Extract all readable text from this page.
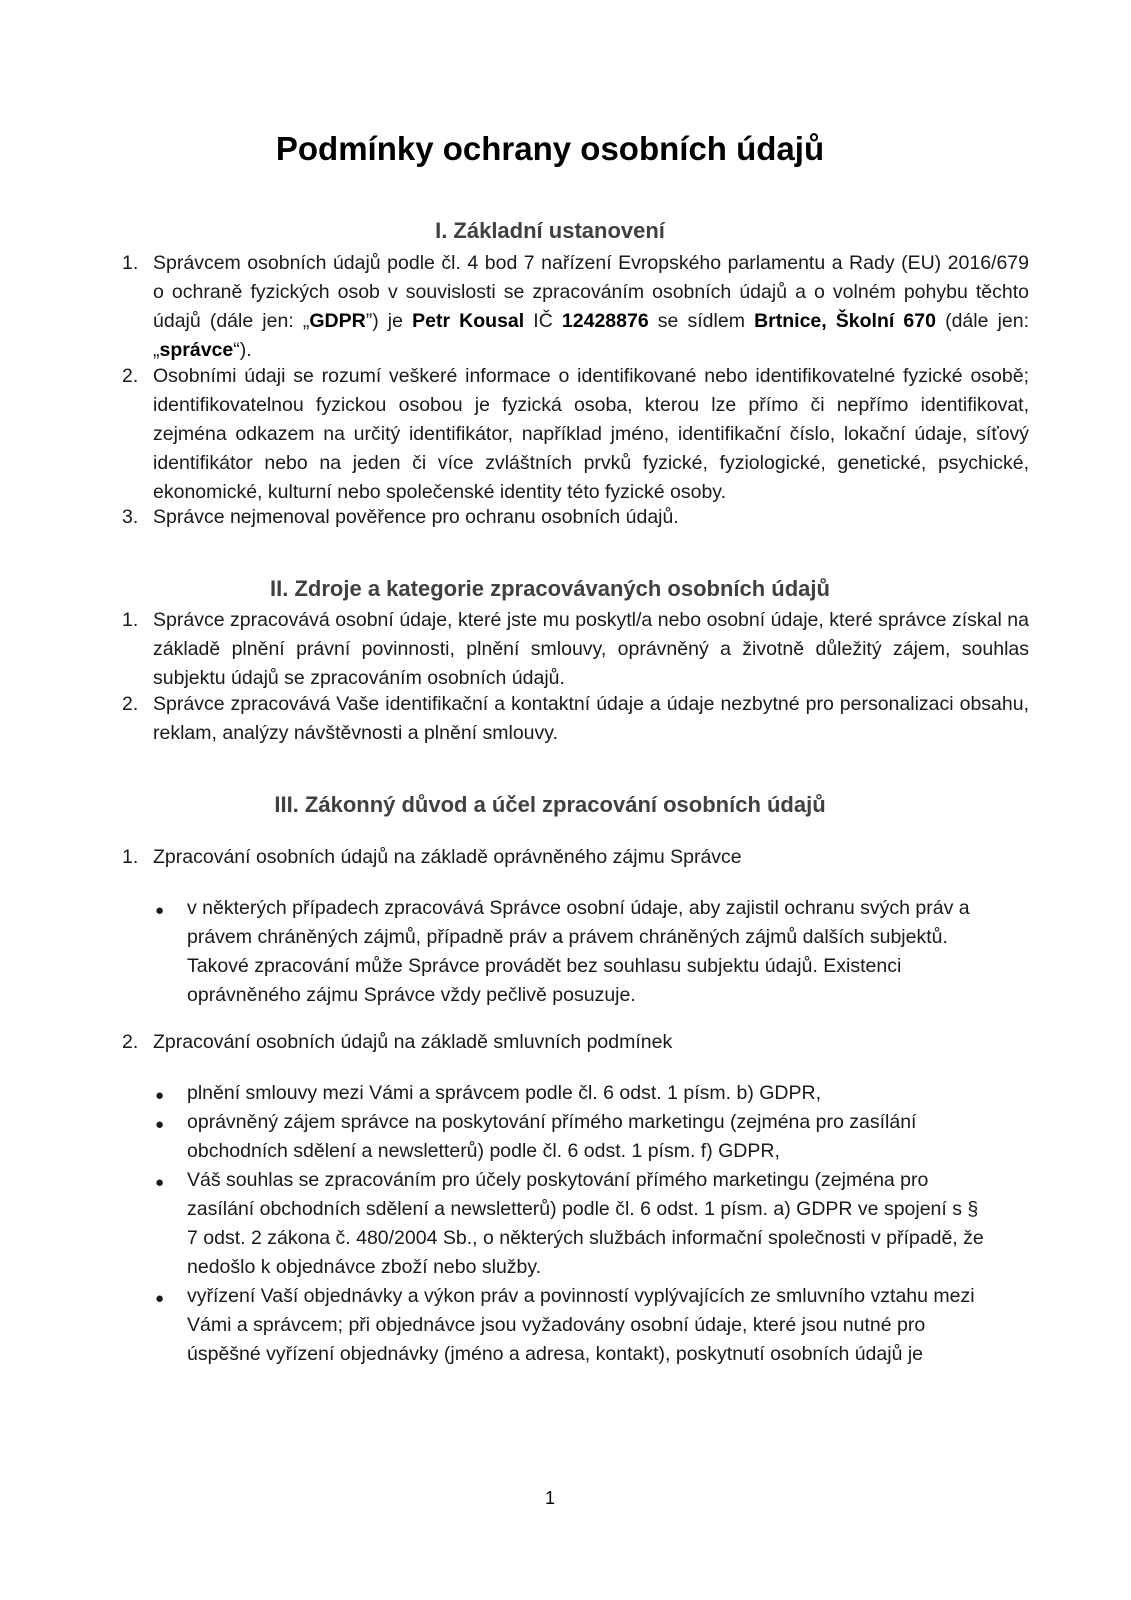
Podmínky ochrany osobních údajů
I. Základní ustanovení
1. Správcem osobních údajů podle čl. 4 bod 7 nařízení Evropského parlamentu a Rady (EU) 2016/679 o ochraně fyzických osob v souvislosti se zpracováním osobních údajů a o volném pohybu těchto údajů (dále jen: „GDPR”) je Petr Kousal IČ 12428876 se sídlem Brtnice, Školní 670 (dále jen: „správce“).
2. Osobními údaji se rozumí veškeré informace o identifikované nebo identifikovatelné fyzické osobě; identifikovatelnou fyzickou osobou je fyzická osoba, kterou lze přímo či nepřímo identifikovat, zejména odkazem na určitý identifikátor, například jméno, identifikační číslo, lokační údaje, síťový identifikátor nebo na jeden či více zvláštních prvků fyzické, fyziologické, genetické, psychické, ekonomické, kulturní nebo společenské identity této fyzické osoby.
3. Správce nejmenoval pověřence pro ochranu osobních údajů.
II. Zdroje a kategorie zpracovávaných osobních údajů
1. Správce zpracovává osobní údaje, které jste mu poskytl/a nebo osobní údaje, které správce získal na základě plnění právní povinnosti, plnění smlouvy, oprávněný a životně důležitý zájem, souhlas subjektu údajů se zpracováním osobních údajů.
2. Správce zpracovává Vaše identifikační a kontaktní údaje a údaje nezbytné pro personalizaci obsahu, reklam, analýzy návštěvnosti a plnění smlouvy.
III. Zákonný důvod a účel zpracování osobních údajů
1. Zpracování osobních údajů na základě oprávněného zájmu Správce
●	v některých případech zpracovává Správce osobní údaje, aby zajistil ochranu svých práv a
právem chráněných zájmů, případně práv a právem chráněných zájmů dalších subjektů.
Takové zpracování může Správce provádět bez souhlasu subjektu údajů. Existenci
oprávněného zájmu Správce vždy pečlivě posuzuje.
2. Zpracování osobních údajů na základě smluvních podmínek
●	plnění smlouvy mezi Vámi a správcem podle čl. 6 odst. 1 písm. b) GDPR,
●	oprávněný zájem správce na poskytování přímého marketingu (zejména pro zasílání
obchodních sdělení a newsletterů) podle čl. 6 odst. 1 písm. f) GDPR,
●	Váš souhlas se zpracováním pro účely poskytování přímého marketingu (zejména pro
zasílání obchodních sdělení a newsletterů) podle čl. 6 odst. 1 písm. a) GDPR ve spojení s §
7 odst. 2 zákona č. 480/2004 Sb., o některých službách informační společnosti v případě, že
nedošlo k objednávce zboží nebo služby.
●	vyřízení Vaší objednávky a výkon práv a povinností vyplývajících ze smluvního vztahu mezi
Vámi a správcem; při objednávce jsou vyžadovány osobní údaje, které jsou nutné pro
úspěšné vyřízení objednávky (jméno a adresa, kontakt), poskytnutí osobních údajů je
1
